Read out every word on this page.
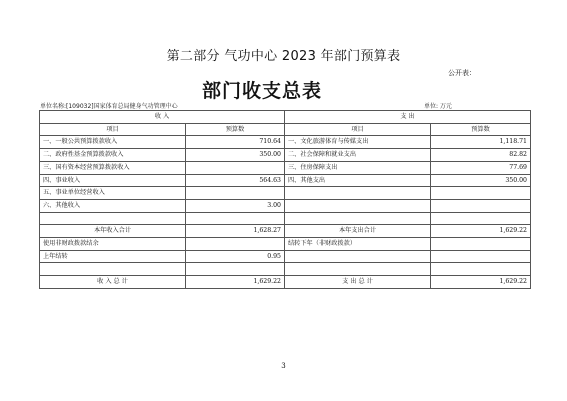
第二部分 气功中心 2023 年部门预算表
公开表：
部门收支总表
单位名称:[109032]国家体育总局健身气功管理中心	单位: 万元
收 入		支 出	
项目	预算数	项目	预算数
一、一般公共预算拨款收入	710.64	一、文化旅游体育与传媒支出	1,118.71
二、政府性基金预算拨款收入	350.00	二、社会保障和就业支出	82.82
三、国有资本经营预算拨款收入		三、住房保障支出	77.69
四、事业收入	564.63	四、其他支出	350.00
五、事业单位经营收入			
六、其他收入	3.00		

本年收入合计	1,628.27	本年支出合计	1,629.22
使用非财政拨款结余		结转下年（非财政拨款）	
上年结转	0.95		

收 入 总 计	1,629.22	支 出 总 计	1,629.22
3
